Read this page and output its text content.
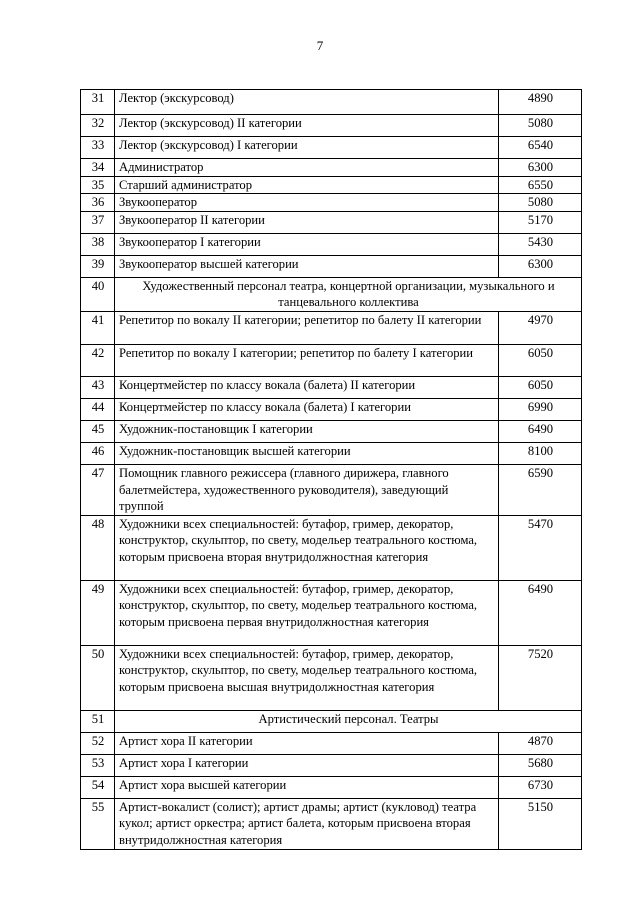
7
31	Лектор (экскурсовод)	4890
32	Лектор (экскурсовод) II категории	5080
33	Лектор (экскурсовод) I категории	6540
34	Администратор	6300
35	Старший администратор	6550
36	Звукооператор	5080
37	Звукооператор II категории	5170
38	Звукооператор I категории	5430
39	Звукооператор высшей категории	6300
40	Художественный персонал театра, концертной организации, музыкального и танцевального коллектива	
41	Репетитор по вокалу II категории; репетитор по балету II категории	4970
42	Репетитор по вокалу I категории; репетитор по балету I категории	6050
43	Концертмейстер по классу вокала (балета) II категории	6050
44	Концертмейстер по классу вокала (балета) I категории	6990
45	Художник-постановщик I категории	6490
46	Художник-постановщик высшей категории	8100
47	Помощник главного режиссера (главного дирижера, главного балетмейстера, художественного руководителя), заведующий труппой	6590
48	Художники всех специальностей: бутафор, гример, декоратор, конструктор, скульптор, по свету, модельер театрального костюма, которым присвоена вторая внутридолжностная категория	5470
49	Художники всех специальностей: бутафор, гример, декоратор, конструктор, скульптор, по свету, модельер театрального костюма, которым присвоена первая внутридолжностная категория	6490
50	Художники всех специальностей: бутафор, гример, декоратор, конструктор, скульптор, по свету, модельер театрального костюма, которым присвоена высшая внутридолжностная категория	7520
51	Артистический персонал. Театры	
52	Артист хора II категории	4870
53	Артист хора I категории	5680
54	Артист хора высшей категории	6730
55	Артист-вокалист (солист); артист драмы; артист (кукловод) театра кукол; артист оркестра; артист балета, которым присвоена вторая внутридолжностная категория	5150
